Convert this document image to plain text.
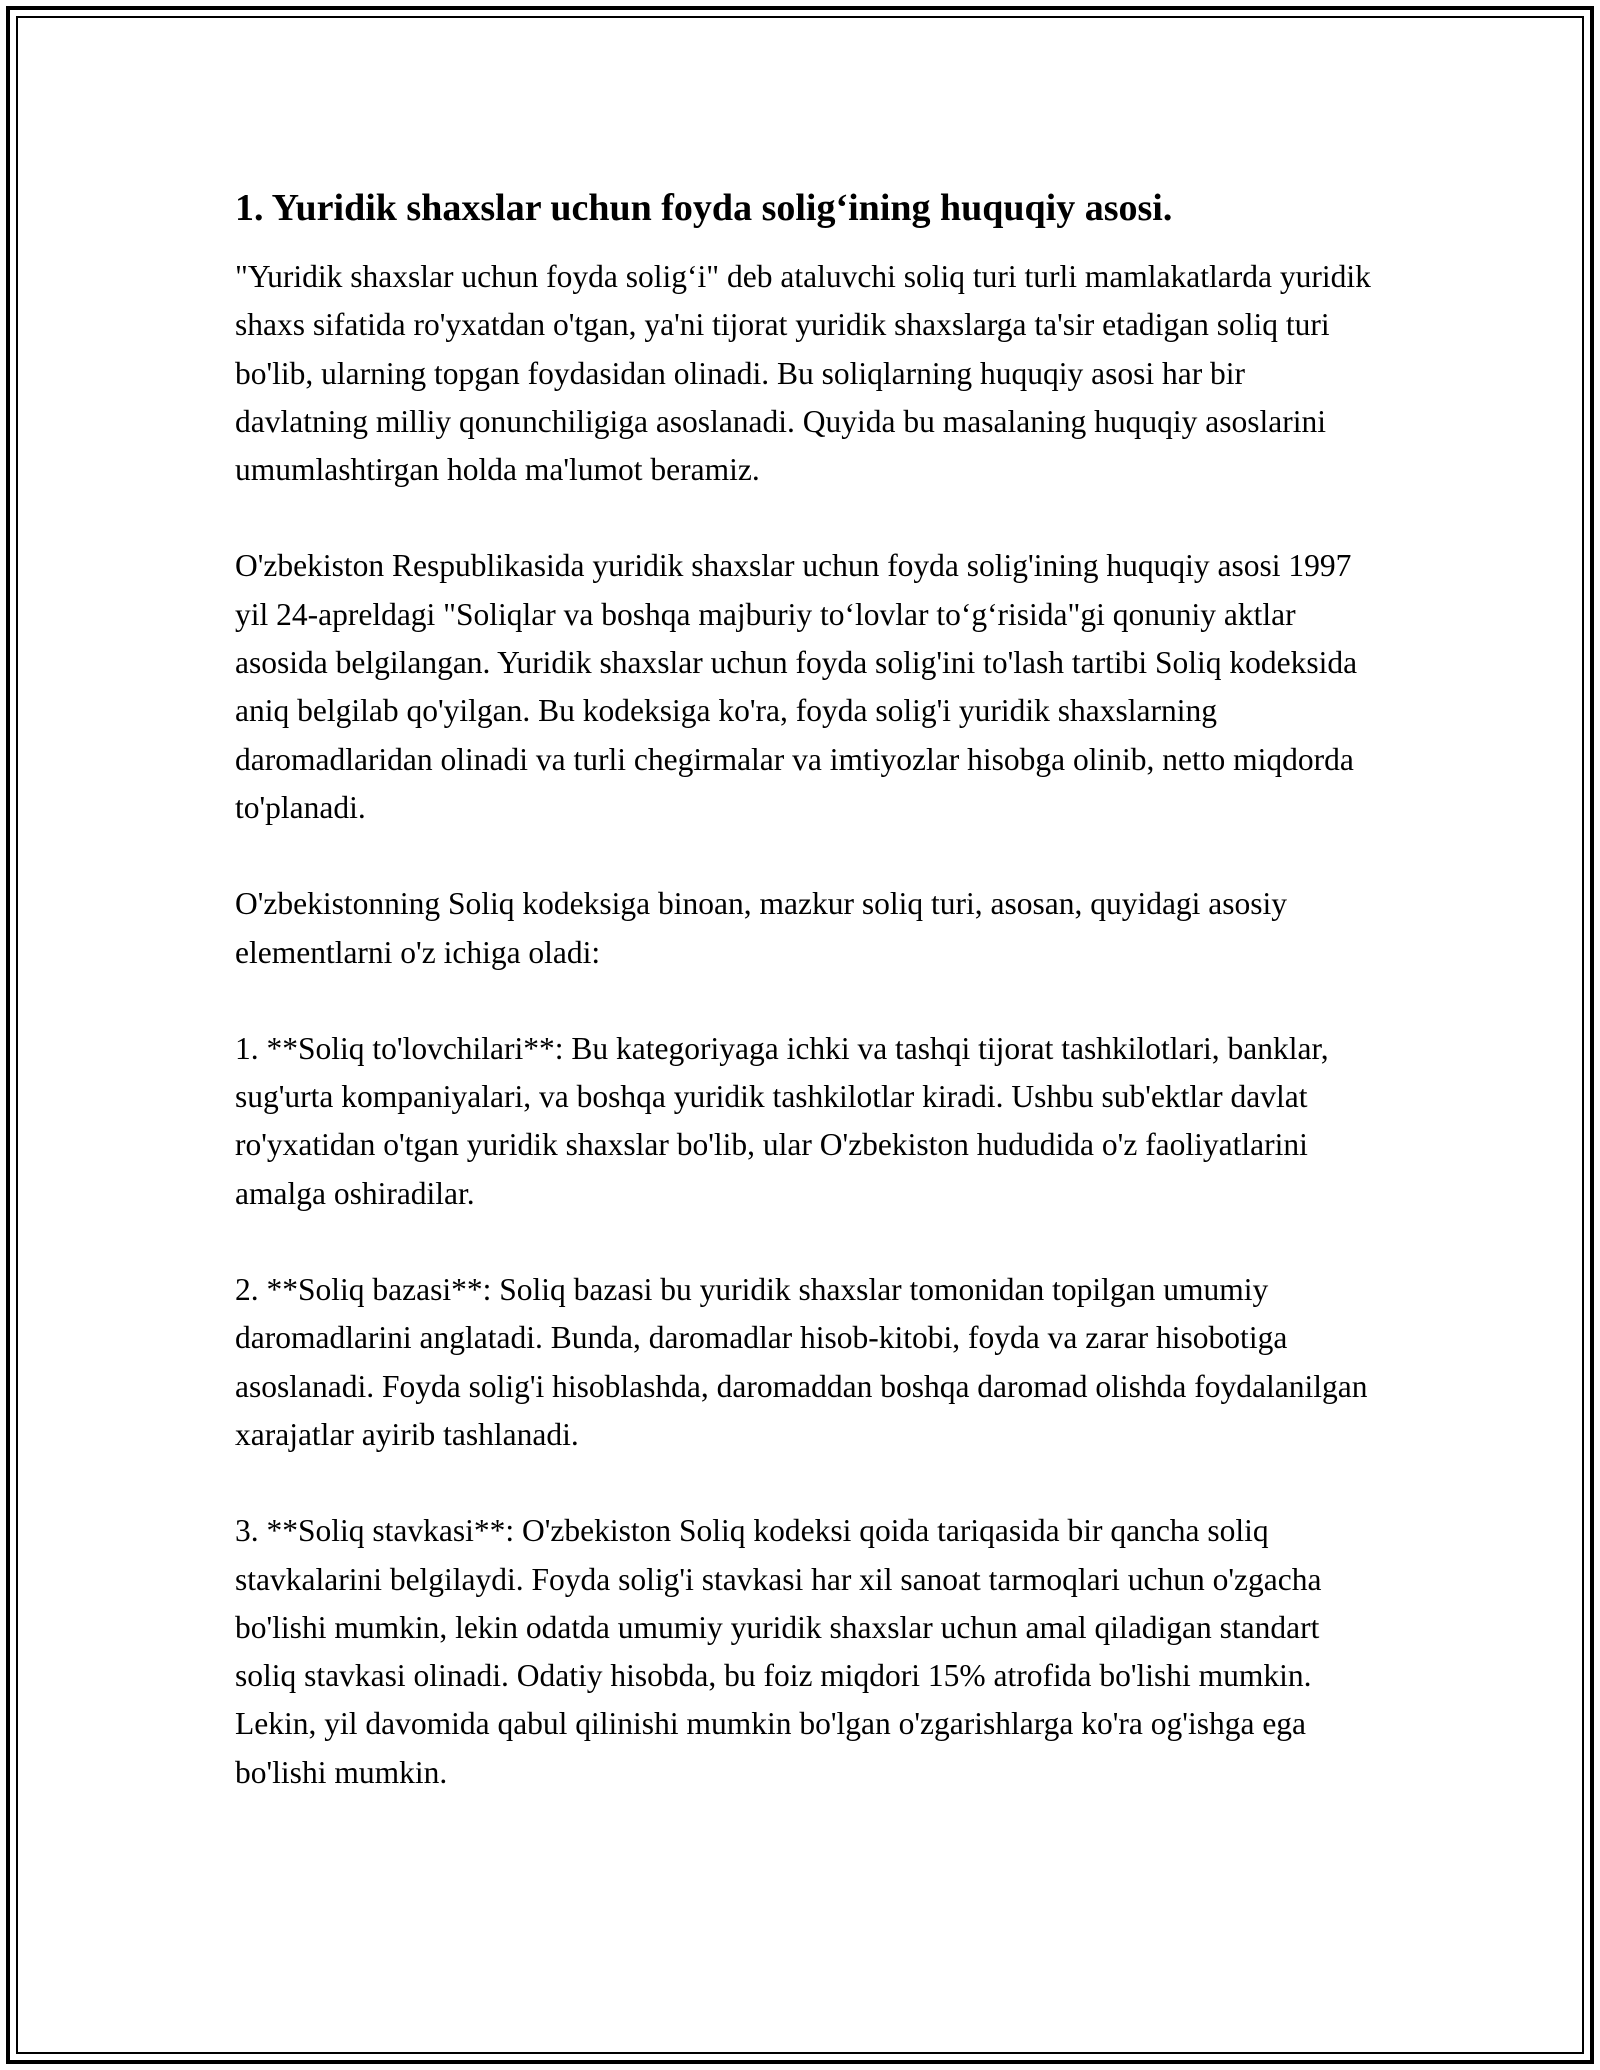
1. Yuridik shaxslar uchun foyda solig‘ining huquqiy asosi.

"Yuridik shaxslar uchun foyda solig‘i" deb ataluvchi soliq turi turli mamlakatlarda yuridik shaxs sifatida ro'yxatdan o'tgan, ya'ni tijorat yuridik shaxslarga ta'sir etadigan soliq turi bo'lib, ularning topgan foydasidan olinadi. Bu soliqlarning huquqiy asosi har bir davlatning milliy qonunchiligiga asoslanadi. Quyida bu masalaning huquqiy asoslarini umumlashtirgan holda ma'lumot beramiz.

O'zbekiston Respublikasida yuridik shaxslar uchun foyda solig'ining huquqiy asosi 1997 yil 24-apreldagi "Soliqlar va boshqa majburiy to‘lovlar to‘g‘risida"gi qonuniy aktlar asosida belgilangan. Yuridik shaxslar uchun foyda solig'ini to'lash tartibi Soliq kodeksida aniq belgilab qo'yilgan. Bu kodeksiga ko'ra, foyda solig'i yuridik shaxslarning daromadlaridan olinadi va turli chegirmalar va imtiyozlar hisobga olinib, netto miqdorda to'planadi.

O'zbekistonning Soliq kodeksiga binoan, mazkur soliq turi, asosan, quyidagi asosiy elementlarni o'z ichiga oladi:

1. **Soliq to'lovchilari**: Bu kategoriyaga ichki va tashqi tijorat tashkilotlari, banklar, sug'urta kompaniyalari, va boshqa yuridik tashkilotlar kiradi. Ushbu sub'ektlar davlat ro'yxatidan o'tgan yuridik shaxslar bo'lib, ular O'zbekiston hududida o'z faoliyatlarini amalga oshiradilar.

2. **Soliq bazasi**: Soliq bazasi bu yuridik shaxslar tomonidan topilgan umumiy daromadlarini anglatadi. Bunda, daromadlar hisob-kitobi, foyda va zarar hisobotiga asoslanadi. Foyda solig'i hisoblashda, daromaddan boshqa daromad olishda foydalanilgan xarajatlar ayirib tashlanadi.

3. **Soliq stavkasi**: O'zbekiston Soliq kodeksi qoida tariqasida bir qancha soliq stavkalarini belgilaydi. Foyda solig'i stavkasi har xil sanoat tarmoqlari uchun o'zgacha bo'lishi mumkin, lekin odatda umumiy yuridik shaxslar uchun amal qiladigan standart soliq stavkasi olinadi. Odatiy hisobda, bu foiz miqdori 15% atrofida bo'lishi mumkin. Lekin, yil davomida qabul qilinishi mumkin bo'lgan o'zgarishlarga ko'ra og'ishga ega bo'lishi mumkin.
